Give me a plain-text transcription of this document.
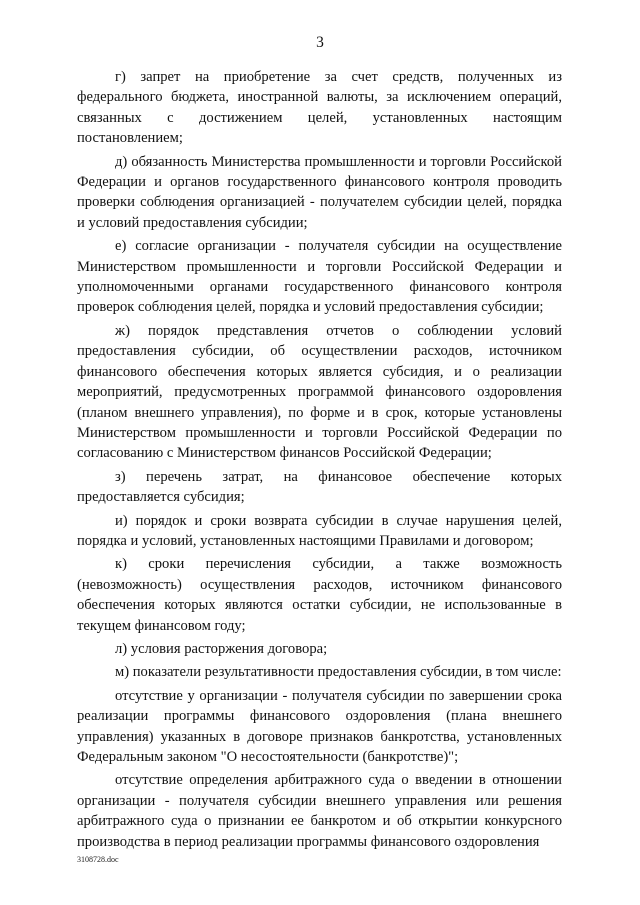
3

г) запрет на приобретение за счет средств, полученных из федерального бюджета, иностранной валюты, за исключением операций, связанных с достижением целей, установленных настоящим постановлением;

д) обязанность Министерства промышленности и торговли Российской Федерации и органов государственного финансового контроля проводить проверки соблюдения организацией - получателем субсидии целей, порядка и условий предоставления субсидии;

е) согласие организации - получателя субсидии на осуществление Министерством промышленности и торговли Российской Федерации и уполномоченными органами государственного финансового контроля проверок соблюдения целей, порядка и условий предоставления субсидии;

ж) порядок представления отчетов о соблюдении условий предоставления субсидии, об осуществлении расходов, источником финансового обеспечения которых является субсидия, и о реализации мероприятий, предусмотренных программой финансового оздоровления (планом внешнего управления), по форме и в срок, которые установлены Министерством промышленности и торговли Российской Федерации по согласованию с Министерством финансов Российской Федерации;

з) перечень затрат, на финансовое обеспечение которых предоставляется субсидия;

и) порядок и сроки возврата субсидии в случае нарушения целей, порядка и условий, установленных настоящими Правилами и договором;

к) сроки перечисления субсидии, а также возможность (невозможность) осуществления расходов, источником финансового обеспечения которых являются остатки субсидии, не использованные в текущем финансовом году;

л) условия расторжения договора;

м) показатели результативности предоставления субсидии, в том числе:

отсутствие у организации - получателя субсидии по завершении срока реализации программы финансового оздоровления (плана внешнего управления) указанных в договоре признаков банкротства, установленных Федеральным законом "О несостоятельности (банкротстве)";

отсутствие определения арбитражного суда о введении в отношении организации - получателя субсидии внешнего управления или решения арбитражного суда о признании ее банкротом и об открытии конкурсного производства в период реализации программы финансового оздоровления

3108728.doc
